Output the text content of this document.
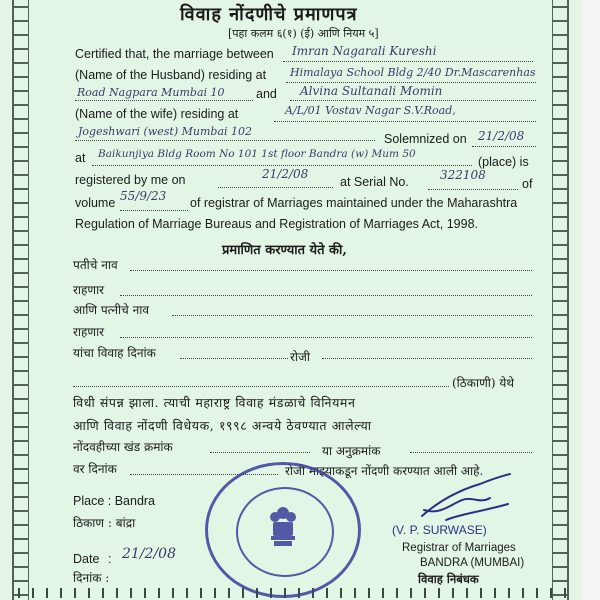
विवाह नोंदणीचे प्रमाणपत्र
[पहा कलम ६(१) (ई) आणि नियम ५]
Certified that, the marriage between Imran Nagarali Kureshi
(Name of the Husband) residing at Himalaya School Bldg 2/40 Dr.Mascarenhas
Road Nagpara Mumbai 10	and Alvina Sultanali Momin
(Name of the wife) residing at	A/L/01 Vostav Nagar S.V.Road,
Jogeshwari (west) Mumbai 102
Solemnized on 21/2/08
at Baikunjiya Bldg Room No 101 1st floor Bandra (w) Mum 50
(place) is
registered by me on	21/2/08
at Serial No.	322108
of
volume 55/9/23 of registrar of Marriages maintained under the Maharashtra
Regulation of Marriage Bureaus and Registration of Marriages Act, 1998.
प्रमाणित करण्यात येते की,
पतीचे नाव
राहणार
आणि पत्नीचे नाव
राहणार
यांचा विवाह दिनांक	रोजी
(ठिकाणी) येथे
विधी संपन्न झाला. त्याची महाराष्ट्र विवाह मंडळाचे विनियमन
आणि विवाह नोंदणी विधेयक, १९९८ अन्वये ठेवण्यात आलेल्या
नोंदवहीच्या खंड क्रमांक	या अनुक्रमांक
वर दिनांक	रोजी माझ्याकडून नोंदणी करण्यात आली आहे.
Place : Bandra
ठिकाण : बांद्रा
Date : 21/2/08
दिनांक :
(V. P. SURWASE)
Registrar of Marriages
BANDRA (MUMBAI)
विवाह निबंधक
